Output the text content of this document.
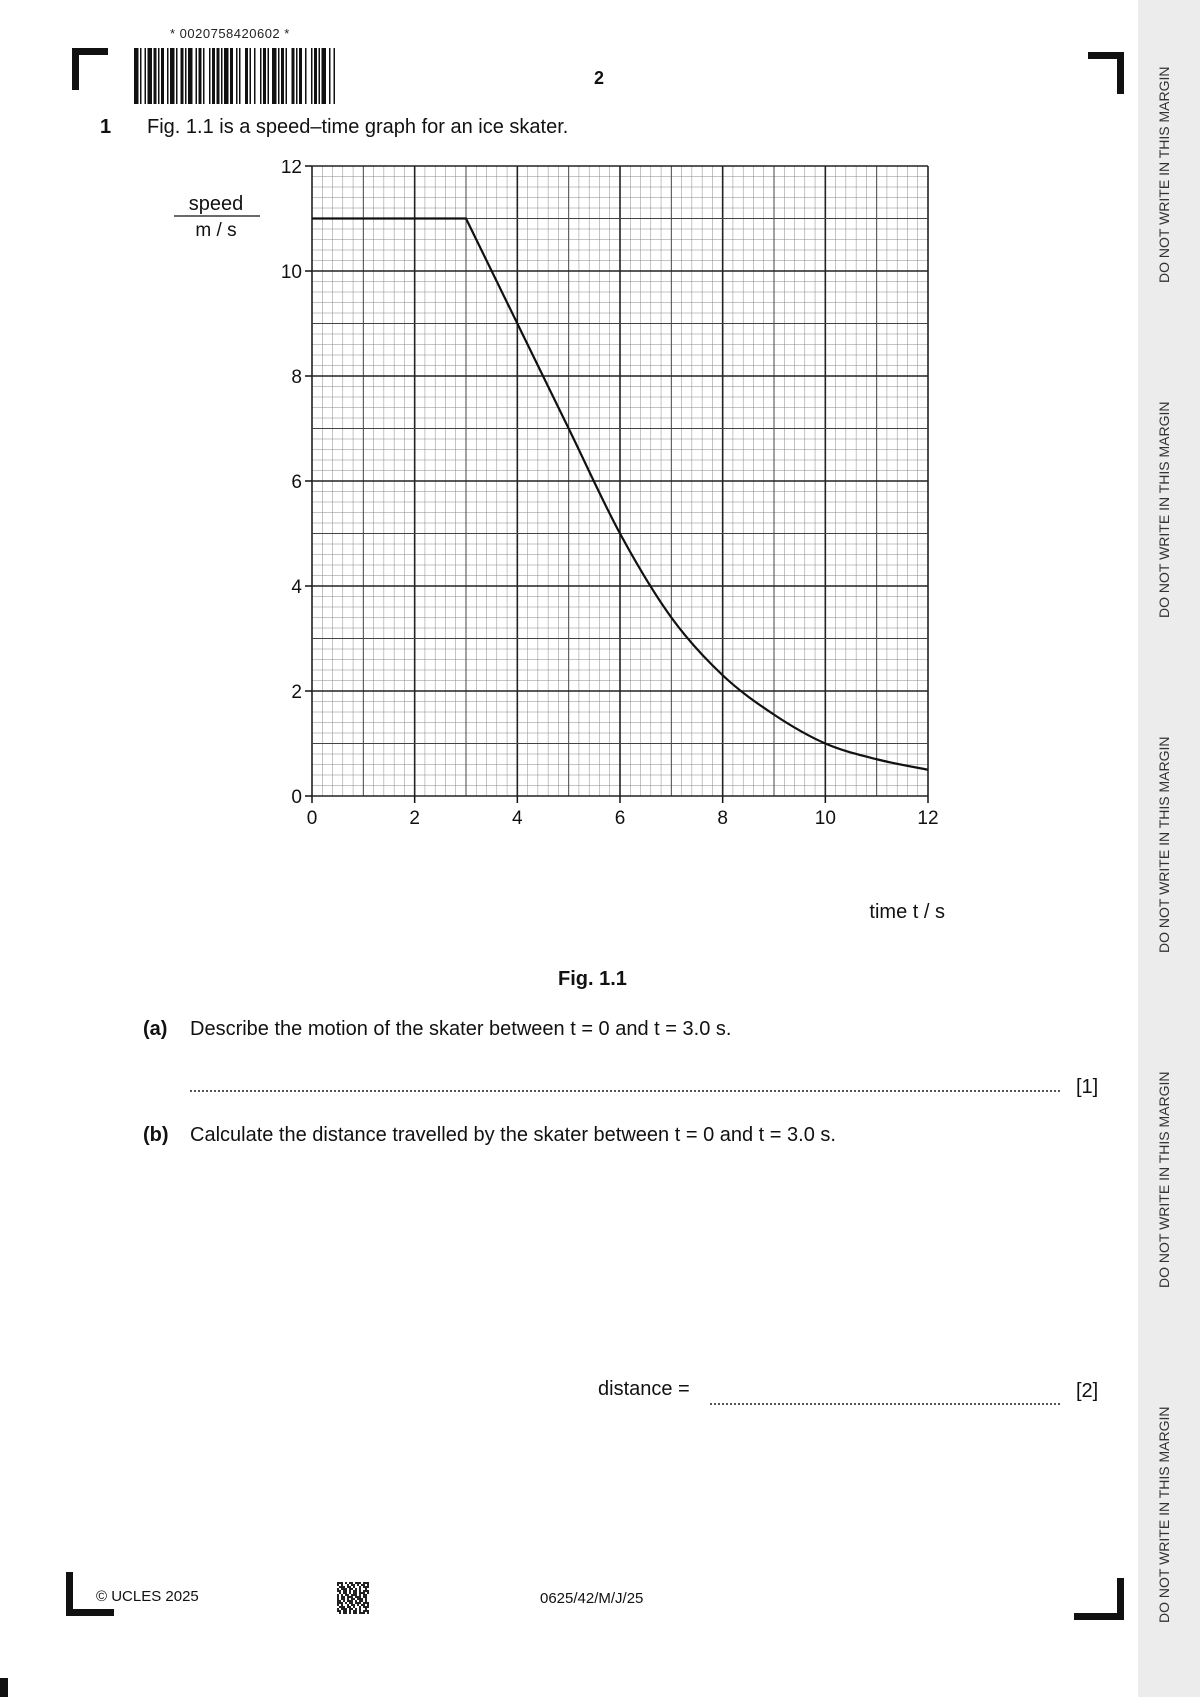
* 0020758420602 *
2
1 Fig. 1.1 is a speed–time graph for an ice skater.
0	2	4	6	8	10	12
0
2
4
6
8
10
12
speed
m / s
time t / s
Fig. 1.1
(a) Describe the motion of the skater between t = 0 and t = 3.0 s.
[1]
(b) Calculate the distance travelled by the skater between t = 0 and t = 3.0 s.
distance =	[2]
DO NOT WRITE IN THIS MARGIN
DO NOT WRITE IN THIS MARGIN
DO NOT WRITE IN THIS MARGIN
DO NOT WRITE IN THIS MARGIN
DO NOT WRITE IN THIS MARGIN
© UCLES 2025	0625/42/M/J/25
